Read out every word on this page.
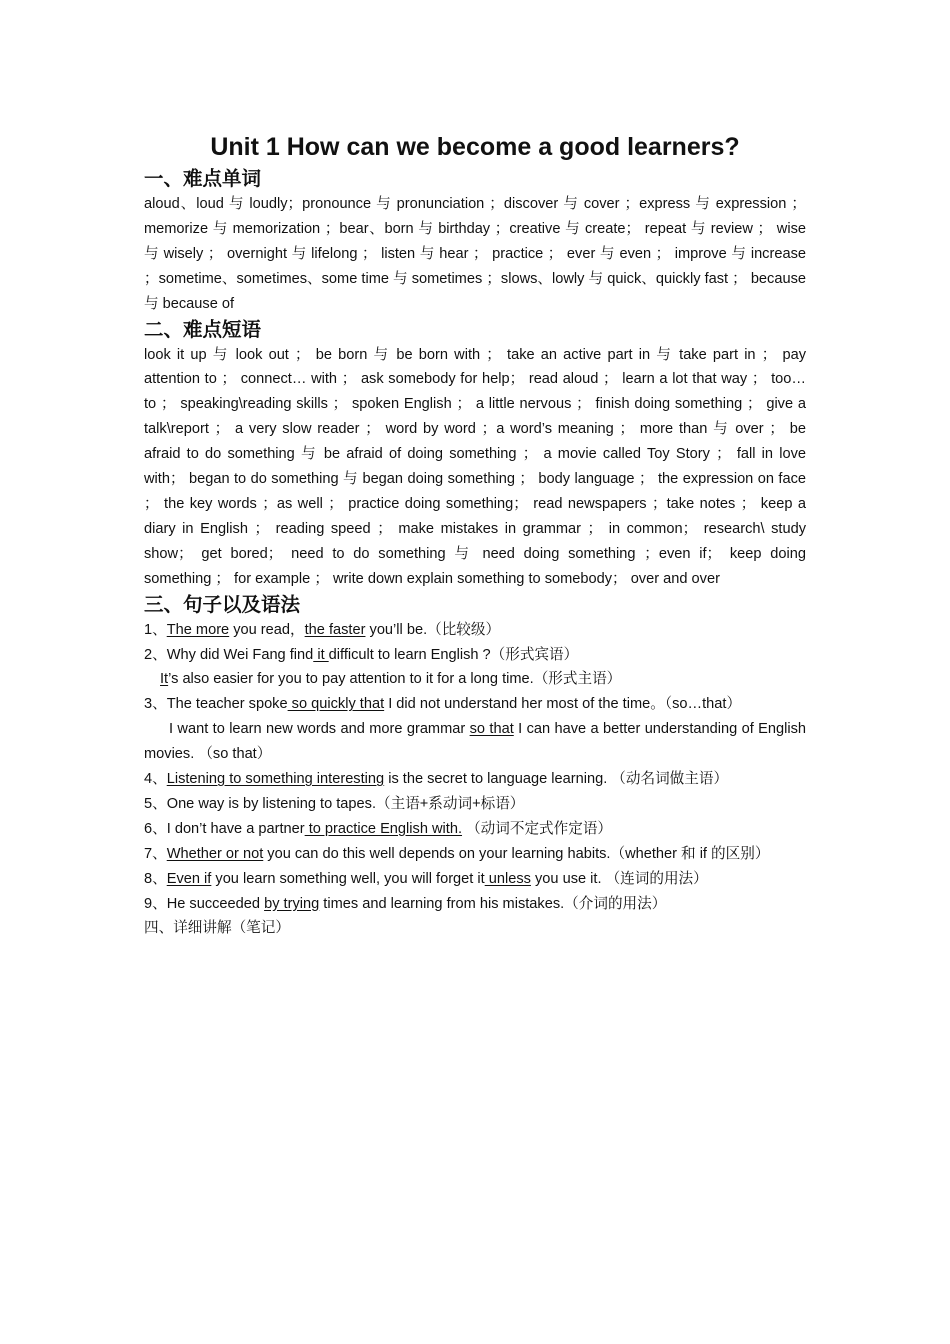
Unit 1 How can we become a good learners?
一、难点单词

aloud、loud 与 loudly；pronounce 与 pronunciation ；discover 与 cover ；express 与 expression ； memorize 与 memorization ；bear、born 与 birthday ；creative 与 create； repeat 与 review ； wise 与 wisely ； overnight 与 lifelong ； listen 与 hear ； practice ； ever 与 even ； improve 与 increase ；sometime、sometimes、some time 与 sometimes ；slows、lowly 与 quick、quickly fast ； because 与 because of

二、难点短语

look it up 与 look out ； be born 与 be born with ； take an active part in 与 take part in ； pay attention to ； connect… with ； ask somebody for help； read aloud ； learn a lot that way ； too…to ； speaking\reading skills ； spoken English ； a little nervous ； finish doing something ； give a talk\report ； a very slow reader ； word by word ；a word’s meaning ； more than 与 over ； be afraid to do something 与 be afraid of doing something ； a movie called Toy Story ； fall in love with； began to do something 与 began doing something ； body language ； the expression on face ； the key words ；as well ； practice doing something； read newspapers ；take notes ； keep a diary in English ； reading speed ； make mistakes in grammar ； in common； research\ study show； get bored； need to do something 与 need doing something ；even if； keep doing something ； for example ； write down explain something to somebody； over and over

三、句子以及语法

1、The more you read，the faster you’ll be.（比较级）

2、Why did Wei Fang find it difficult to learn English ?（形式宾语）

It’s also easier for you to pay attention to it for a long time.（形式主语）

3、The teacher spoke so quickly that I did not understand her most of the time。（so…that）

I want to learn new words and more grammar so that I can have a better understanding of English movies. （so that）

4、Listening to something interesting is the secret to language learning. （动名词做主语）

5、One way is by listening to tapes.（主语+系动词+标语）

6、I don’t have a partner to practice English with. （动词不定式作定语）

7、Whether or not you can do this well depends on your learning habits.（whether 和 if 的区别）

8、Even if you learn something well, you will forget it unless you use it. （连词的用法）

9、He succeeded by trying times and learning from his mistakes.（介词的用法）

四、详细讲解（笔记）
